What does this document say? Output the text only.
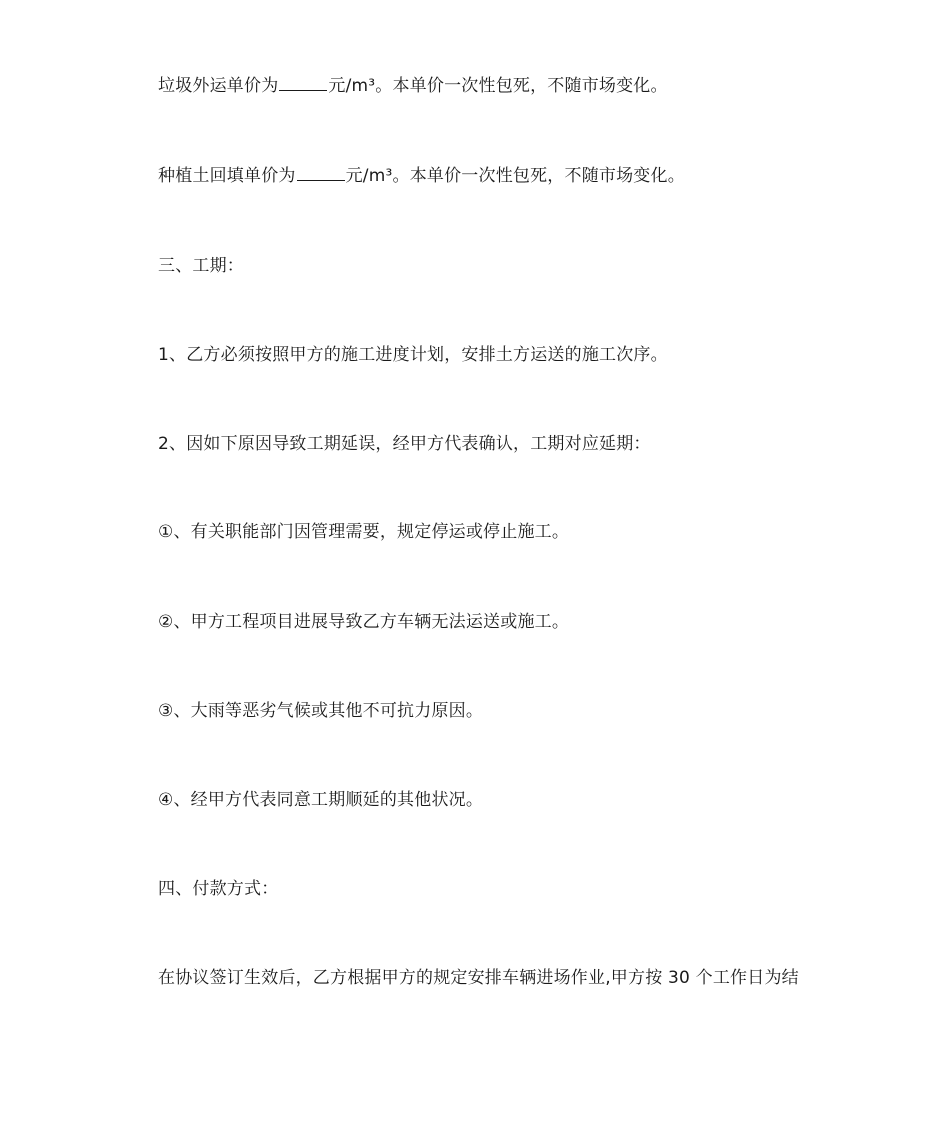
垃圾外运单价为	元/m³。本单价一次性包死，不随市场变化。
种植土回填单价为	元/m³。本单价一次性包死，不随市场变化。
三、工期：
1、乙方必须按照甲方的施工进度计划，安排土方运送的施工次序。
2、因如下原因导致工期延误，经甲方代表确认，工期对应延期：
①、有关职能部门因管理需要，规定停运或停止施工。
②、甲方工程项目进展导致乙方车辆无法运送或施工。
③、大雨等恶劣气候或其他不可抗力原因。
④、经甲方代表同意工期顺延的其他状况。
四、付款方式：
在协议签订生效后，乙方根据甲方的规定安排车辆进场作业,甲方按 30 个工作日为结
